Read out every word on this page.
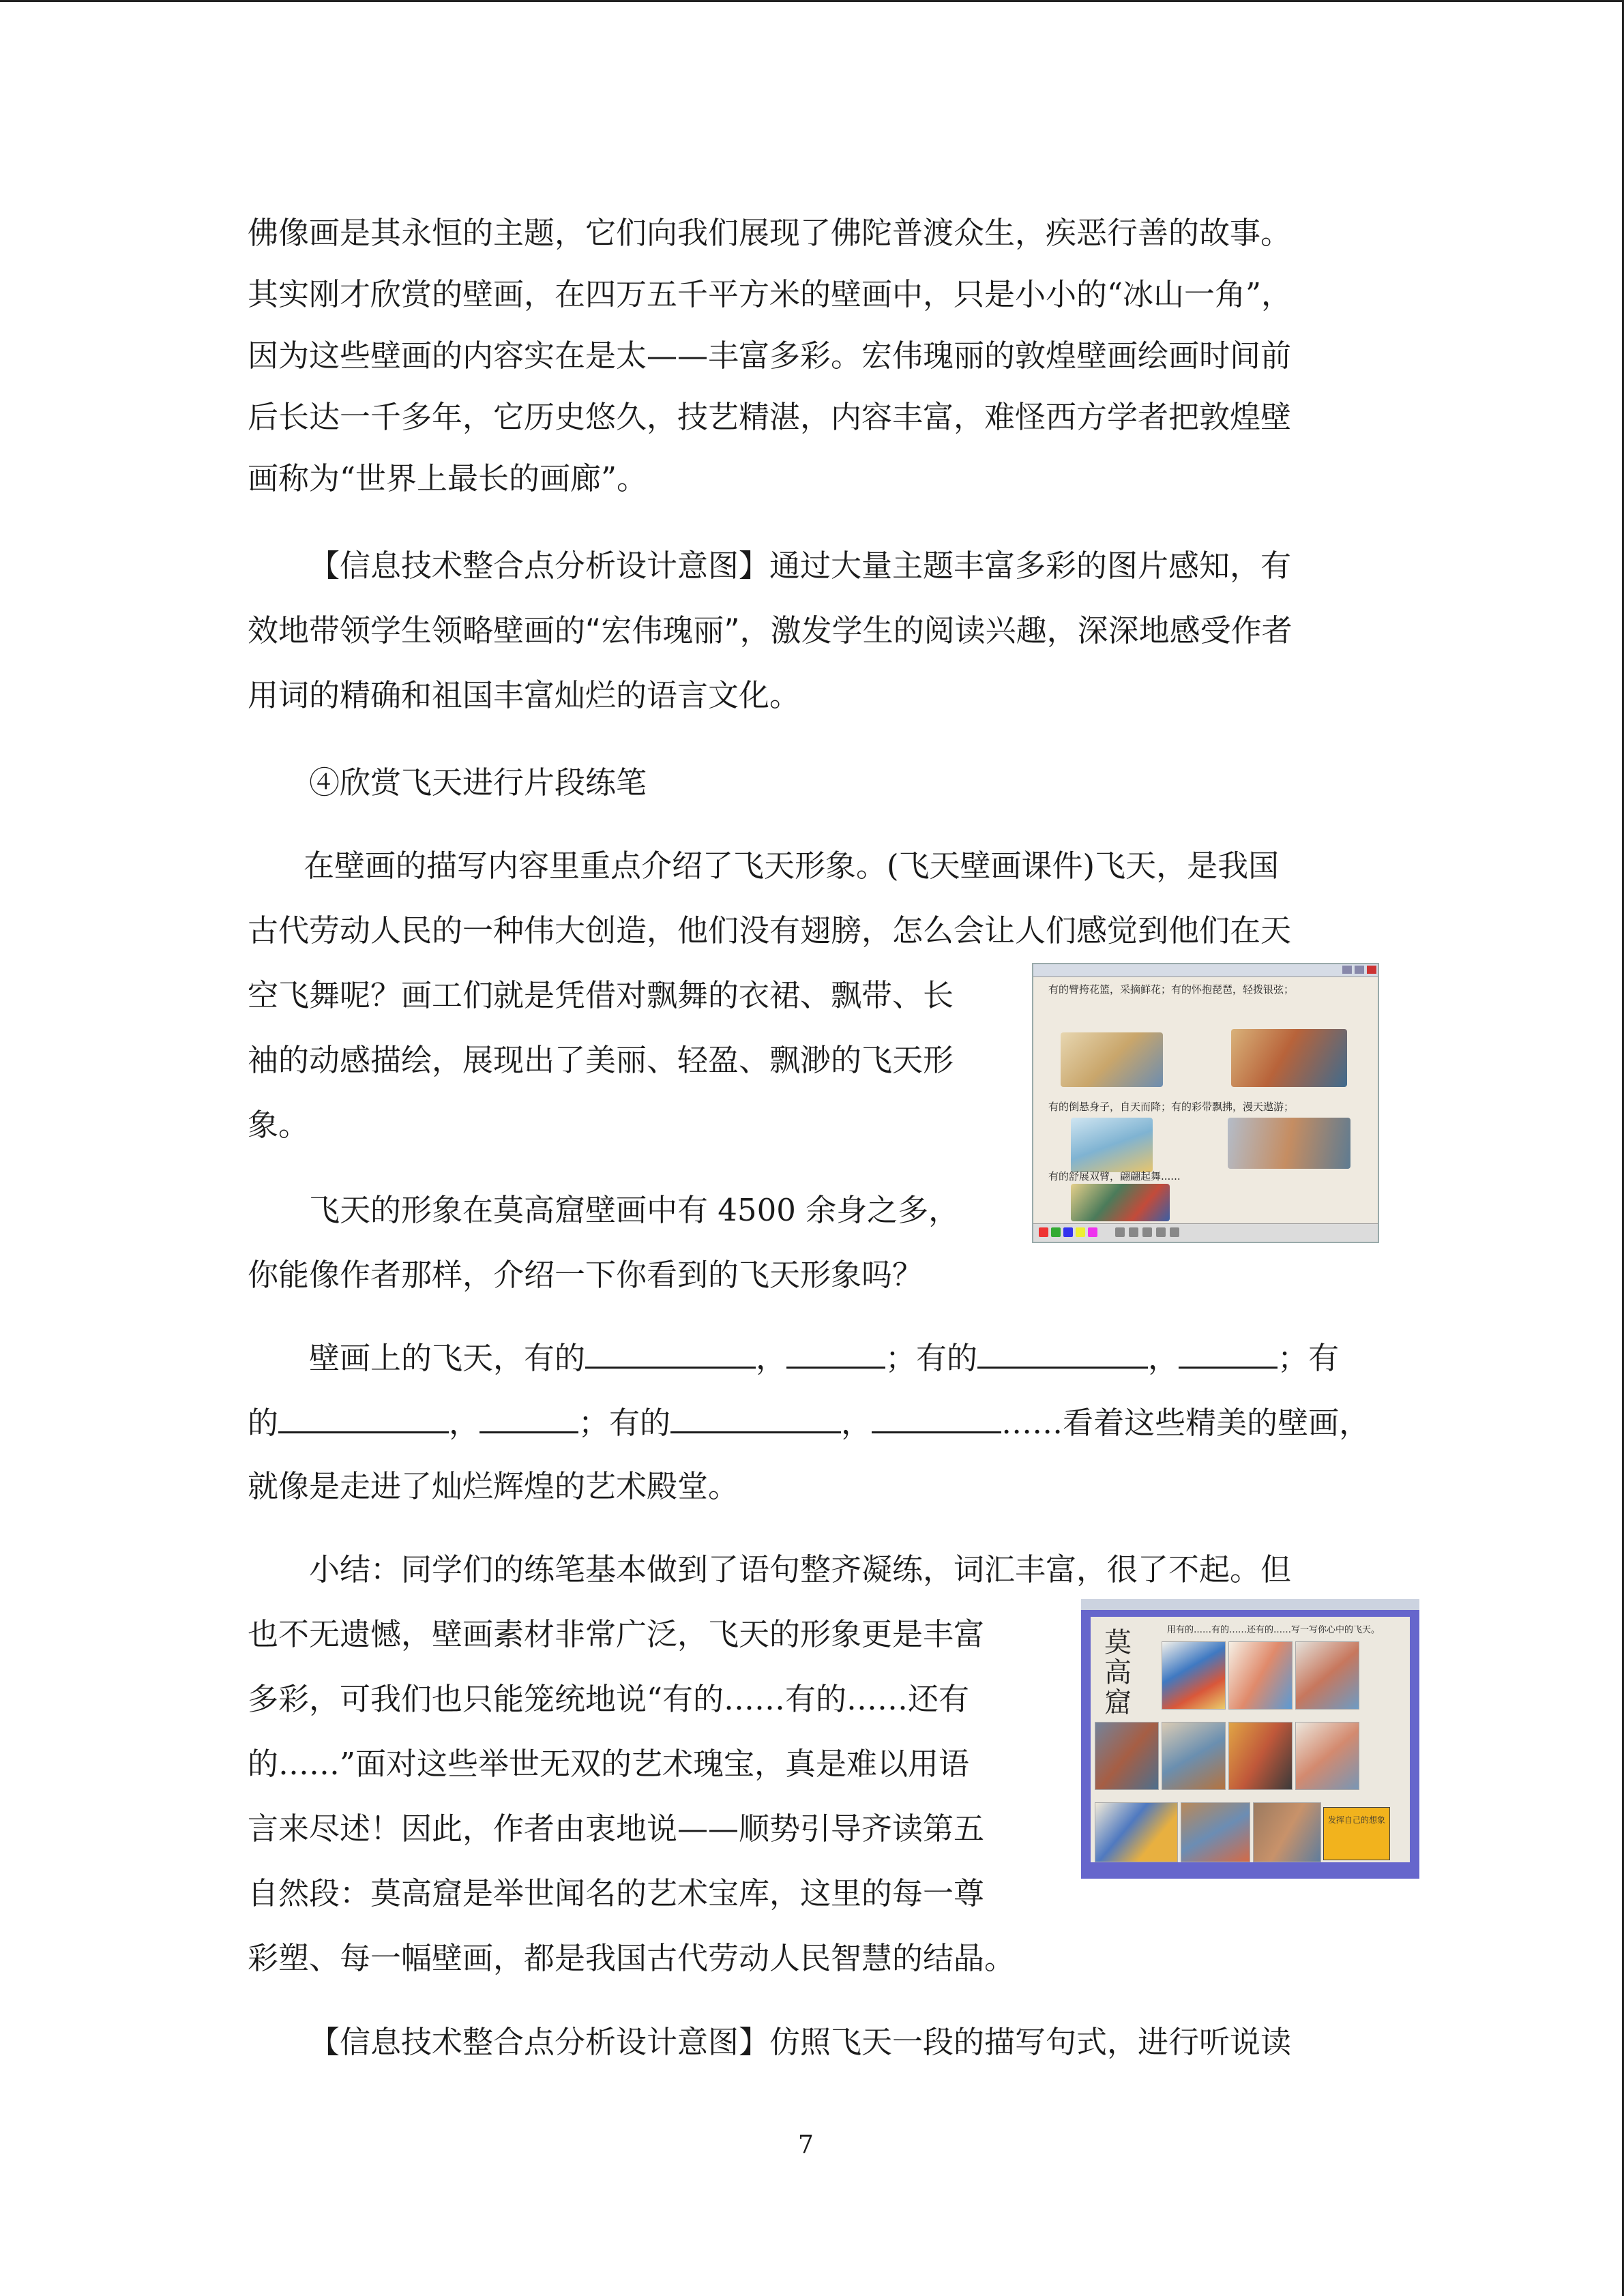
佛像画是其永恒的主题，它们向我们展现了佛陀普渡众生，疾恶行善的故事。
其实刚才欣赏的壁画，在四万五千平方米的壁画中，只是小小的“冰山一角”，
因为这些壁画的内容实在是太——丰富多彩。宏伟瑰丽的敦煌壁画绘画时间前
后长达一千多年，它历史悠久，技艺精湛，内容丰富，难怪西方学者把敦煌壁
画称为“世界上最长的画廊”。
【信息技术整合点分析设计意图】通过大量主题丰富多彩的图片感知，有
效地带领学生领略壁画的“宏伟瑰丽”，激发学生的阅读兴趣，深深地感受作者
用词的精确和祖国丰富灿烂的语言文化。
④欣赏飞天进行片段练笔
在壁画的描写内容里重点介绍了飞天形象。(飞天壁画课件)飞天，是我国
古代劳动人民的一种伟大创造，他们没有翅膀，怎么会让人们感觉到他们在天
空飞舞呢？画工们就是凭借对飘舞的衣裙、飘带、长
袖的动感描绘，展现出了美丽、轻盈、飘渺的飞天形
象。
飞天的形象在莫高窟壁画中有 4500 余身之多，
你能像作者那样，介绍一下你看到的飞天形象吗？
壁画上的飞天，有的	，	；有的	，	；有
的	，	；有的	，	……看着这些精美的壁画，
就像是走进了灿烂辉煌的艺术殿堂。
小结：同学们的练笔基本做到了语句整齐凝练，词汇丰富，很了不起。但
也不无遗憾，壁画素材非常广泛，飞天的形象更是丰富
多彩，可我们也只能笼统地说“有的……有的……还有
的……”面对这些举世无双的艺术瑰宝，真是难以用语
言来尽述！因此，作者由衷地说——顺势引导齐读第五
自然段：莫高窟是举世闻名的艺术宝库，这里的每一尊
彩塑、每一幅壁画，都是我国古代劳动人民智慧的结晶。
【信息技术整合点分析设计意图】仿照飞天一段的描写句式，进行听说读
7
有的臂挎花篮，采摘鲜花；有的怀抱琵琶，轻拨银弦；
有的倒悬身子，自天而降；有的彩带飘拂，漫天遨游；
有的舒展双臂，翩翩起舞......
莫高窟
用有的……有的……还有的……写一写你心中的飞天。
发挥自己的想象
